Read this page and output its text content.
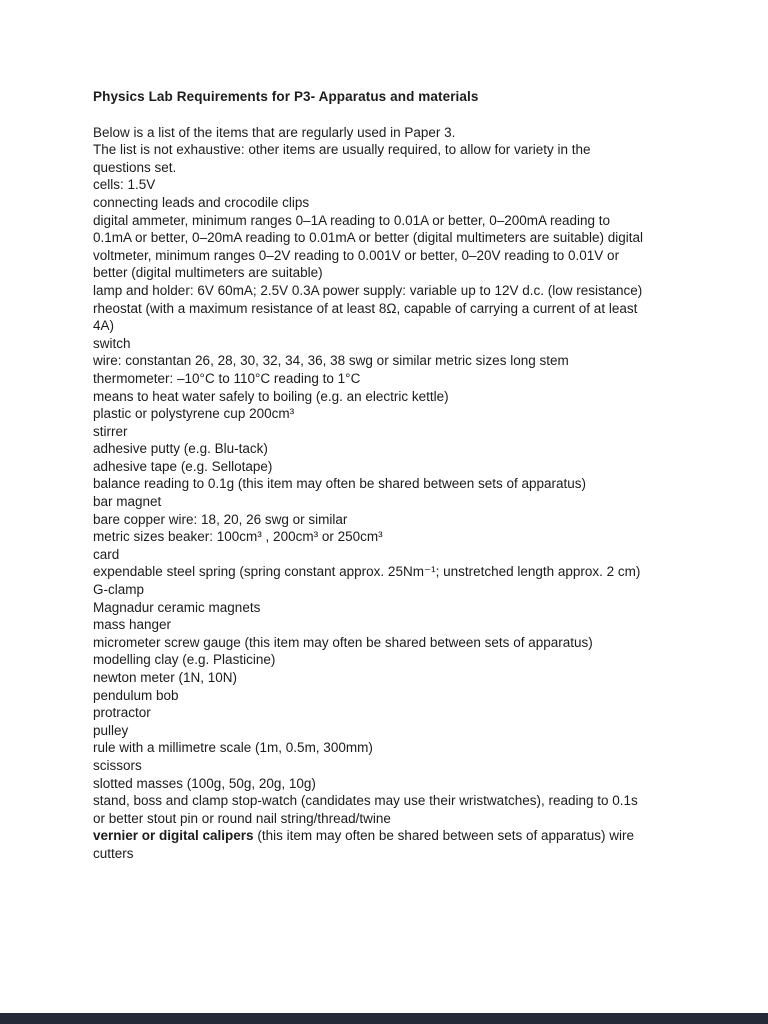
Physics Lab Requirements for P3- Apparatus and materials
Below is a list of the items that are regularly used in Paper 3.
The list is not exhaustive: other items are usually required, to allow for variety in the
questions set.
cells: 1.5V
connecting leads and crocodile clips
digital ammeter, minimum ranges 0–1A reading to 0.01A or better, 0–200mA reading to
0.1mA or better, 0–20mA reading to 0.01mA or better (digital multimeters are suitable) digital
voltmeter, minimum ranges 0–2V reading to 0.001V or better, 0–20V reading to 0.01V or
better (digital multimeters are suitable)
lamp and holder: 6V 60mA; 2.5V 0.3A power supply: variable up to 12V d.c. (low resistance)
rheostat (with a maximum resistance of at least 8Ω, capable of carrying a current of at least
4A)
switch
wire: constantan 26, 28, 30, 32, 34, 36, 38 swg or similar metric sizes long stem
thermometer: –10°C to 110°C reading to 1°C
means to heat water safely to boiling (e.g. an electric kettle)
plastic or polystyrene cup 200cm³
stirrer
adhesive putty (e.g. Blu-tack)
adhesive tape (e.g. Sellotape)
balance reading to 0.1g (this item may often be shared between sets of apparatus)
bar magnet
bare copper wire: 18, 20, 26 swg or similar
metric sizes beaker: 100cm³ , 200cm³ or 250cm³
card
expendable steel spring (spring constant approx. 25Nm⁻¹; unstretched length approx. 2 cm)
G-clamp
Magnadur ceramic magnets
mass hanger
micrometer screw gauge (this item may often be shared between sets of apparatus)
modelling clay (e.g. Plasticine)
newton meter (1N, 10N)
pendulum bob
protractor
pulley
rule with a millimetre scale (1m, 0.5m, 300mm)
scissors
slotted masses (100g, 50g, 20g, 10g)
stand, boss and clamp stop-watch (candidates may use their wristwatches), reading to 0.1s
or better stout pin or round nail string/thread/twine
vernier or digital calipers (this item may often be shared between sets of apparatus) wire
cutters
